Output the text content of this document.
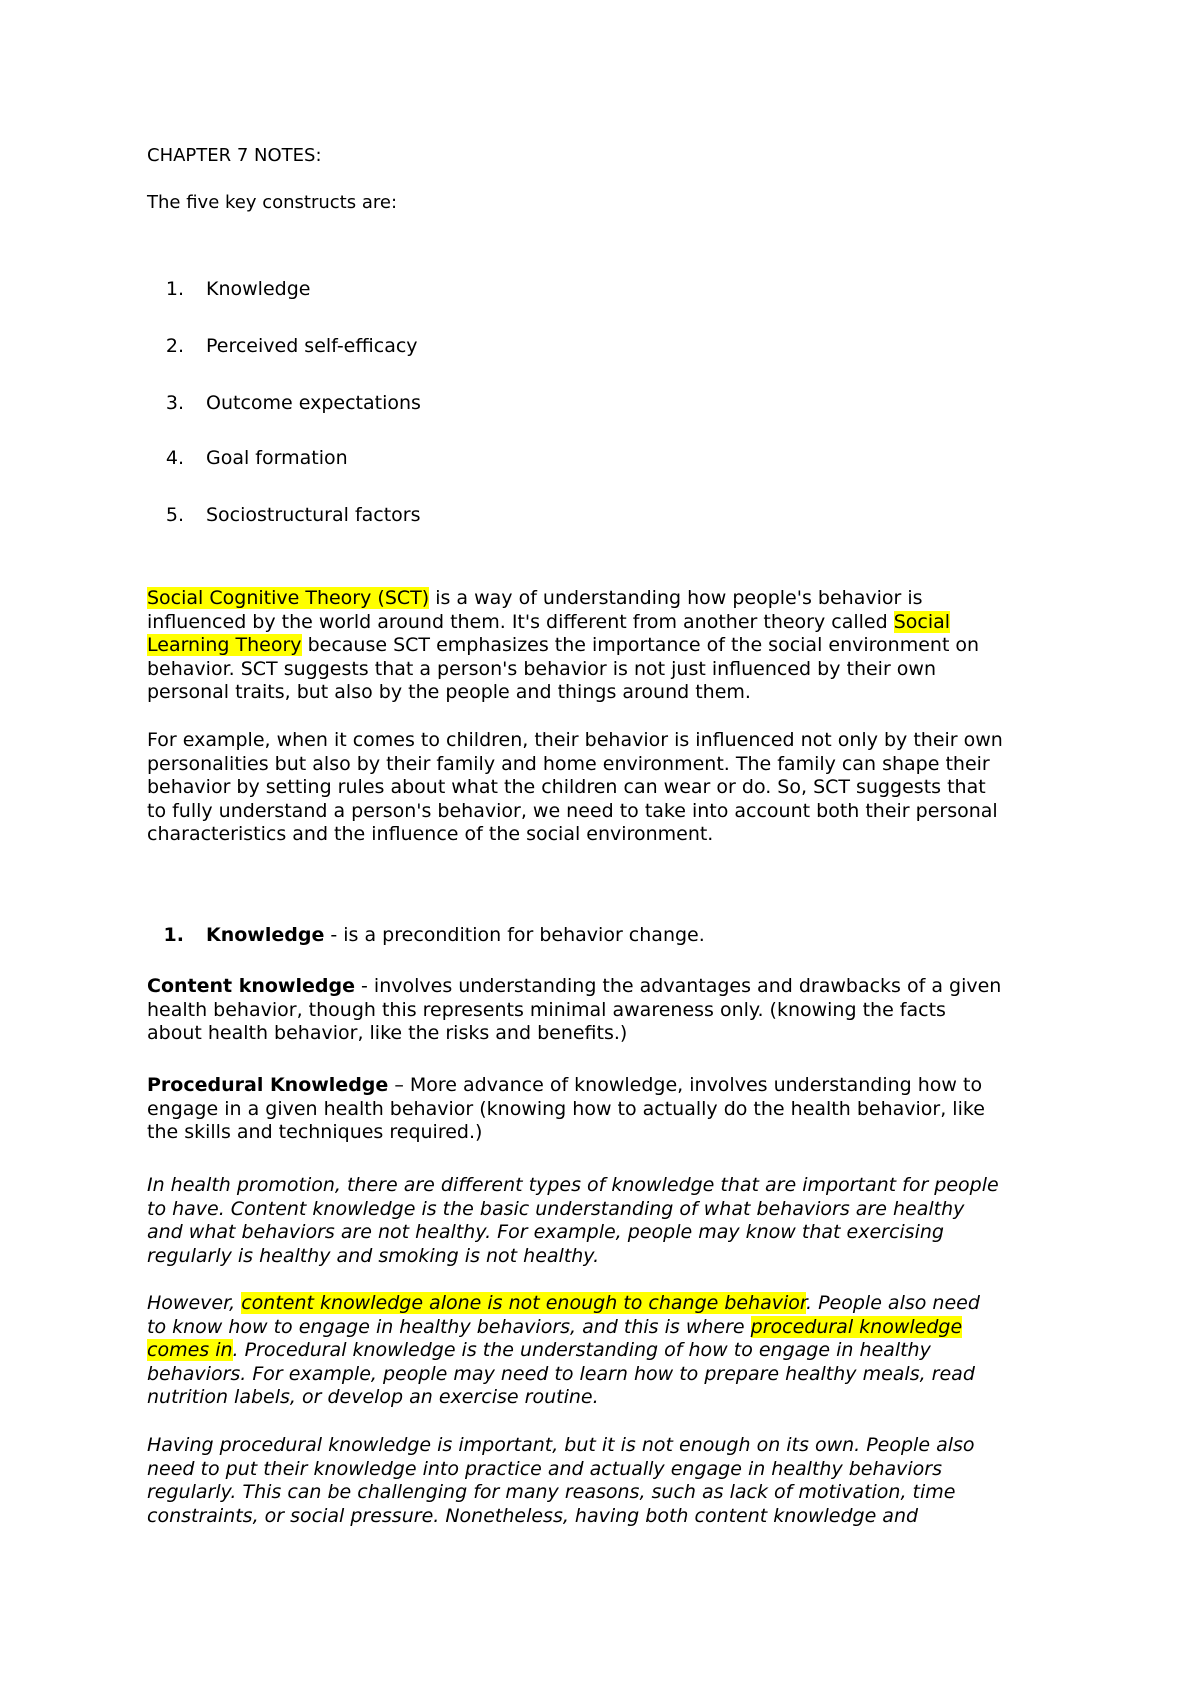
CHAPTER 7 NOTES:

The five key constructs are:

1. Knowledge
2. Perceived self-efficacy
3. Outcome expectations
4. Goal formation
5. Sociostructural factors
Social Cognitive Theory (SCT) is a way of understanding how people's behavior is
influenced by the world around them. It's different from another theory called Social
Learning Theory because SCT emphasizes the importance of the social environment on
behavior. SCT suggests that a person's behavior is not just influenced by their own
personal traits, but also by the people and things around them.
For example, when it comes to children, their behavior is influenced not only by their own
personalities but also by their family and home environment. The family can shape their
behavior by setting rules about what the children can wear or do. So, SCT suggests that
to fully understand a person's behavior, we need to take into account both their personal
characteristics and the influence of the social environment.
1. Knowledge - is a precondition for behavior change.
Content knowledge - involves understanding the advantages and drawbacks of a given
health behavior, though this represents minimal awareness only. (knowing the facts
about health behavior, like the risks and benefits.)
Procedural Knowledge – More advance of knowledge, involves understanding how to
engage in a given health behavior (knowing how to actually do the health behavior, like
the skills and techniques required.)
In health promotion, there are different types of knowledge that are important for people
to have. Content knowledge is the basic understanding of what behaviors are healthy
and what behaviors are not healthy. For example, people may know that exercising
regularly is healthy and smoking is not healthy.
However, content knowledge alone is not enough to change behavior. People also need
to know how to engage in healthy behaviors, and this is where procedural knowledge
comes in. Procedural knowledge is the understanding of how to engage in healthy
behaviors. For example, people may need to learn how to prepare healthy meals, read
nutrition labels, or develop an exercise routine.
Having procedural knowledge is important, but it is not enough on its own. People also
need to put their knowledge into practice and actually engage in healthy behaviors
regularly. This can be challenging for many reasons, such as lack of motivation, time
constraints, or social pressure. Nonetheless, having both content knowledge and
